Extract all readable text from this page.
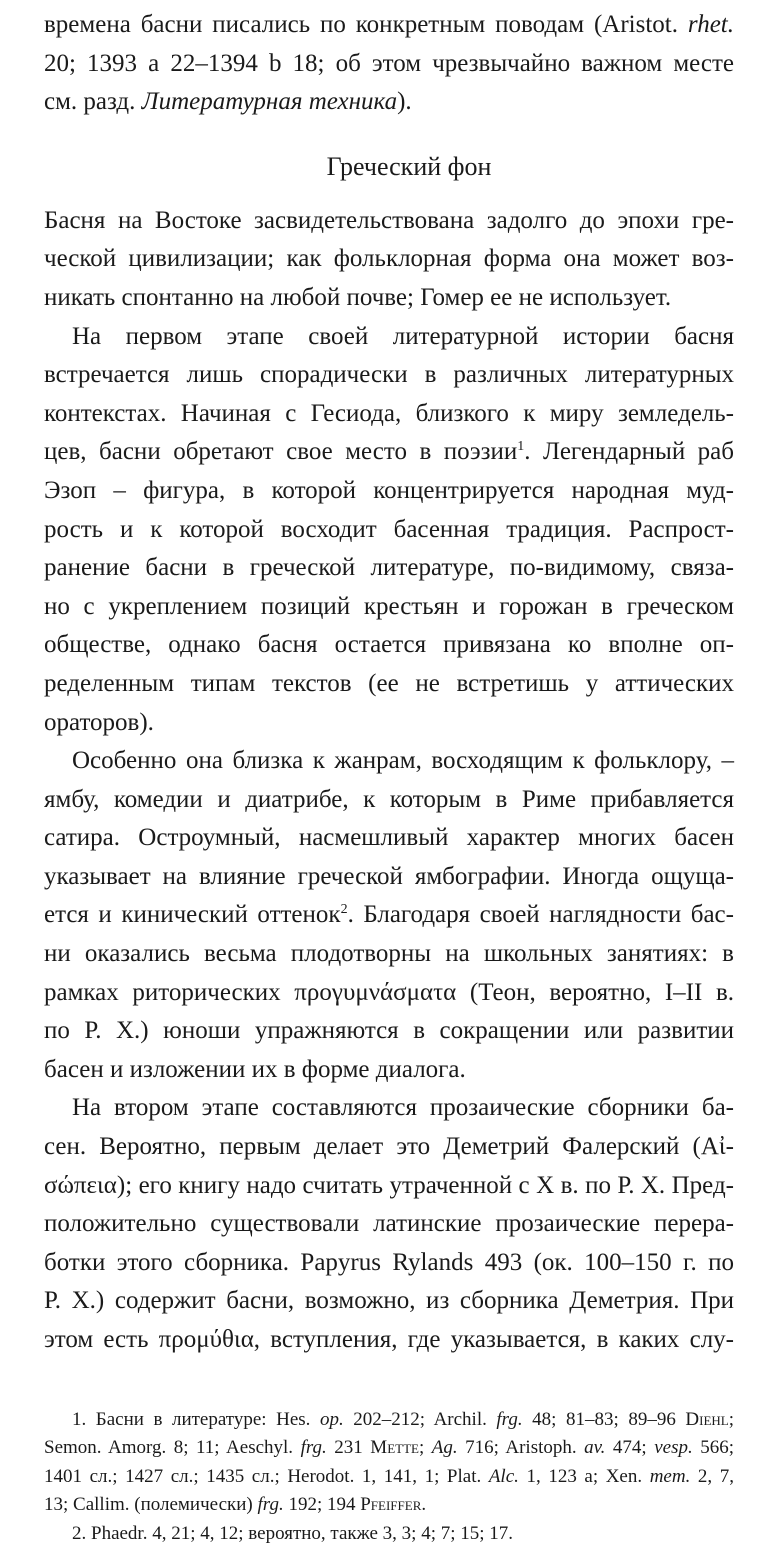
времена басни писались по конкретным поводам (Aristot. rhet.
20; 1393 a 22–1394 b 18; об этом чрезвычайно важном месте
см. разд. Литературная техника).
Греческий фон
Басня на Востоке засвидетельствована задолго до эпохи гре-
ческой цивилизации; как фольклорная форма она может воз-
никать спонтанно на любой почве; Гомер ее не использует.
На первом этапе своей литературной истории басня
встречается лишь спорадически в различных литературных
контекстах. Начиная с Гесиода, близкого к миру земледель-
цев, басни обретают свое место в поэзии$^1$. Легендарный раб
Эзоп – фигура, в которой концентрируется народная муд-
рость и к которой восходит басенная традиция. Распрост-
ранение басни в греческой литературе, по-видимому, связа-
но с укреплением позиций крестьян и горожан в греческом
обществе, однако басня остается привязана ко вполне оп-
ределенным типам текстов (ее не встретишь у аттических
ораторов).
Особенно она близка к жанрам, восходящим к фольклору, –
ямбу, комедии и диатрибе, к которым в Риме прибавляется
сатира. Остроумный, насмешливый характер многих басен
указывает на влияние греческой ямбографии. Иногда ощуща-
ется и кинический оттенок$^2$. Благодаря своей наглядности бас-
ни оказались весьма плодотворны на школьных занятиях: в
рамках риторических προγυμνάσματα (Теон, вероятно, I–II в.
по Р. Х.) юноши упражняются в сокращении или развитии
басен и изложении их в форме диалога.
На втором этапе составляются прозаические сборники ба-
сен. Вероятно, первым делает это Деметрий Фалерский (Αἰ-
σώπεια); его книгу надо считать утраченной с X в. по Р. Х. Пред-
положительно существовали латинские прозаические перера-
ботки этого сборника. Papyrus Rylands 493 (ок. 100–150 г. по
Р. Х.) содержит басни, возможно, из сборника Деметрия. При
этом есть προμύθια, вступления, где указывается, в каких слу-
1. Басни в литературе: Hes. op. 202–212; Archil. frg. 48; 81–83; 89–96 Diehl;
Semon. Amorg. 8; 11; Aeschyl. frg. 231 Mette; Ag. 716; Aristoph. av. 474; vesp. 566;
1401 сл.; 1427 сл.; 1435 сл.; Herodot. 1, 141, 1; Plat. Alc. 1, 123 a; Xen. mem. 2, 7,
13; Callim. (полемически) frg. 192; 194 Pfeiffer.
2. Phaedr. 4, 21; 4, 12; вероятно, также 3, 3; 4; 7; 15; 17.
